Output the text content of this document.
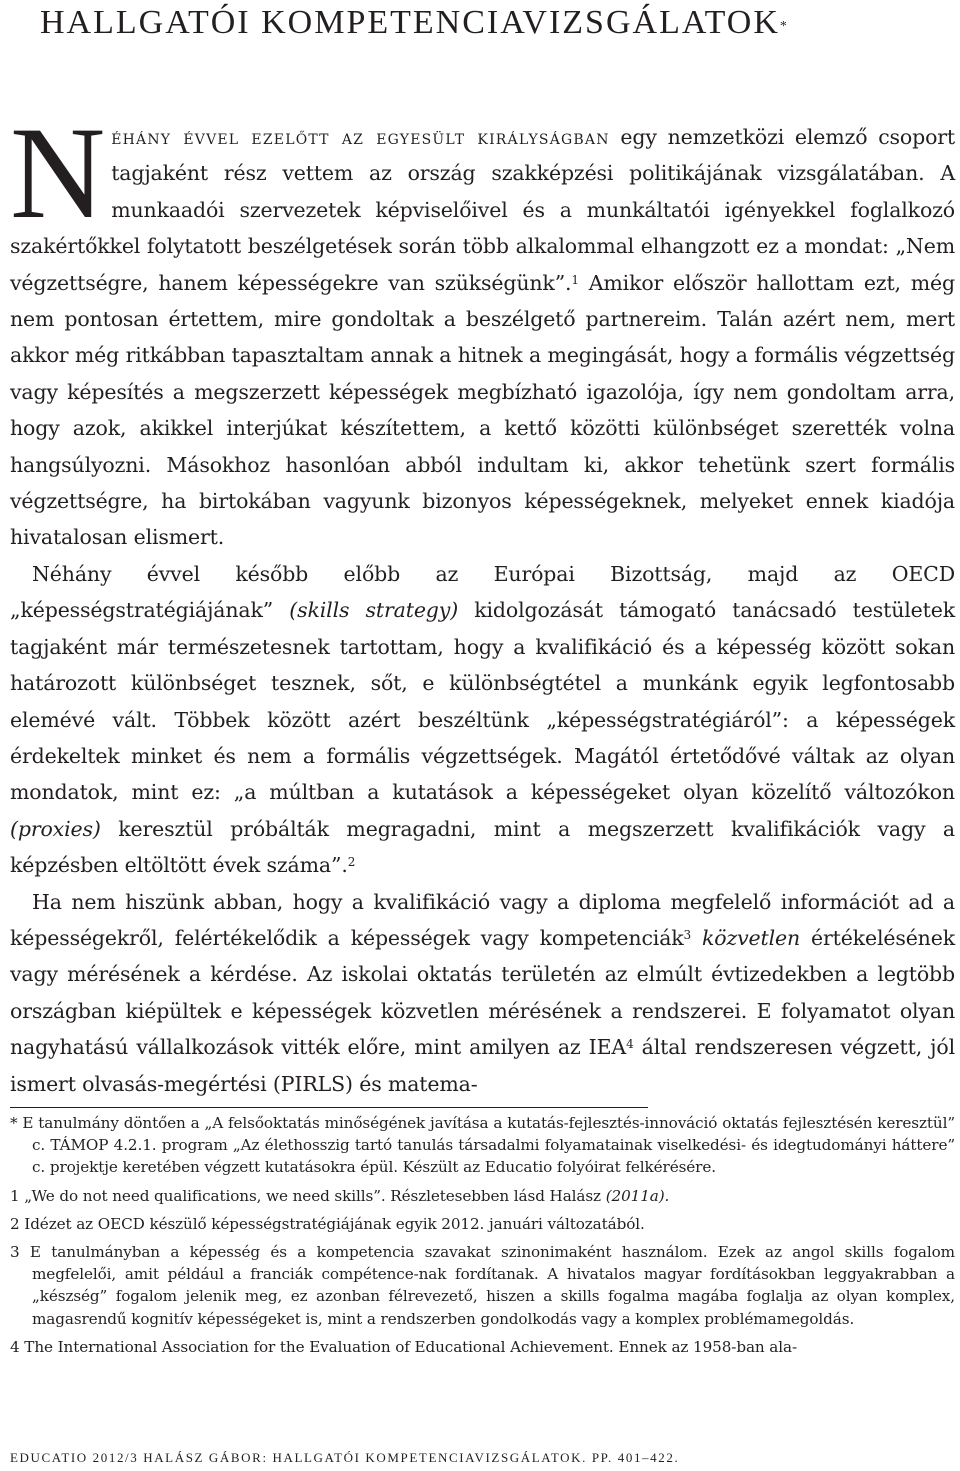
HALLGATÓI KOMPETENCIAVIZSGÁLATOK*

Néhány évvel ezelőtt az egyesült királyságban egy nemzetközi elemző csoport tagjaként rész vettem az ország szakképzési politikájának vizsgálatában. A munkaadói szervezetek képviselőivel és a munkáltatói igényekkel foglalkozó szakértőkkel folytatott beszélgetések során több alkalommal elhangzott ez a mondat: „Nem végzettségre, hanem képességekre van szükségünk”.$^1$ Amikor először hallottam ezt, még nem pontosan értettem, mire gondoltak a beszélgető partnereim. Talán azért nem, mert akkor még ritkábban tapasztaltam annak a hitnek a megingását, hogy a formális végzettség vagy képesítés a megszerzett képességek megbízható igazolója, így nem gondoltam arra, hogy azok, akikkel interjúkat készítettem, a kettő közötti különbséget szerették volna hangsúlyozni. Másokhoz hasonlóan abból indultam ki, akkor tehetünk szert formális végzettségre, ha birtokában vagyunk bizonyos képességeknek, melyeket ennek kiadója hivatalosan elismert.

Néhány évvel később előbb az Európai Bizottság, majd az OECD „képességstratégiájának” (skills strategy) kidolgozását támogató tanácsadó testületek tagjaként már természetesnek tartottam, hogy a kvalifikáció és a képesség között sokan határozott különbséget tesznek, sőt, e különbségtétel a munkánk egyik legfontosabb elemévé vált. Többek között azért beszéltünk „képességstratégiáról”: a képességek érdekeltek minket és nem a formális végzettségek. Magától értetődővé váltak az olyan mondatok, mint ez: „a múltban a kutatások a képességeket olyan közelítő változókon (proxies) keresztül próbálták megragadni, mint a megszerzett kvalifikációk vagy a képzésben eltöltött évek száma”.$^2$

Ha nem hiszünk abban, hogy a kvalifikáció vagy a diploma megfelelő információt ad a képességekről, felértékelődik a képességek vagy kompetenciák$^3$ közvetlen értékelésének vagy mérésének a kérdése. Az iskolai oktatás területén az elmúlt évtizedekben a legtöbb országban kiépültek e képességek közvetlen mérésének a rendszerei. E folyamatot olyan nagyhatású vállalkozások vitték előre, mint amilyen az IEA$^4$ által rendszeresen végzett, jól ismert olvasás-megértési (PIRLS) és matema-

* E tanulmány döntően a „A felsőoktatás minőségének javítása a kutatás-fejlesztés-innováció oktatás fejlesztésén keresztül” c. TÁMOP 4.2.1. program „Az élethosszig tartó tanulás társadalmi folyamatainak viselkedési- és idegtudományi háttere” c. projektje keretében végzett kutatásokra épül. Készült az Educatio folyóirat felkérésére.

1 „We do not need qualifications, we need skills”. Részletesebben lásd Halász (2011a).

2 Idézet az OECD készülő képességstratégiájának egyik 2012. januári változatából.

3 E tanulmányban a képesség és a kompetencia szavakat szinonimaként használom. Ezek az angol skills fogalom megfelelői, amit például a franciák compétence-nak fordítanak. A hivatalos magyar fordításokban leggyakrabban a „készség” fogalom jelenik meg, ez azonban félrevezető, hiszen a skills fogalma magába foglalja az olyan komplex, magasrendű kognitív képességeket is, mint a rendszerben gondolkodás vagy a komplex problémamegoldás.

4 The International Association for the Evaluation of Educational Achievement. Ennek az 1958-ban ala-

EDUCATIO 2012/3 HALÁSZ GÁBOR: HALLGATÓI KOMPETENCIAVIZSGÁLATOK. PP. 401–422.
